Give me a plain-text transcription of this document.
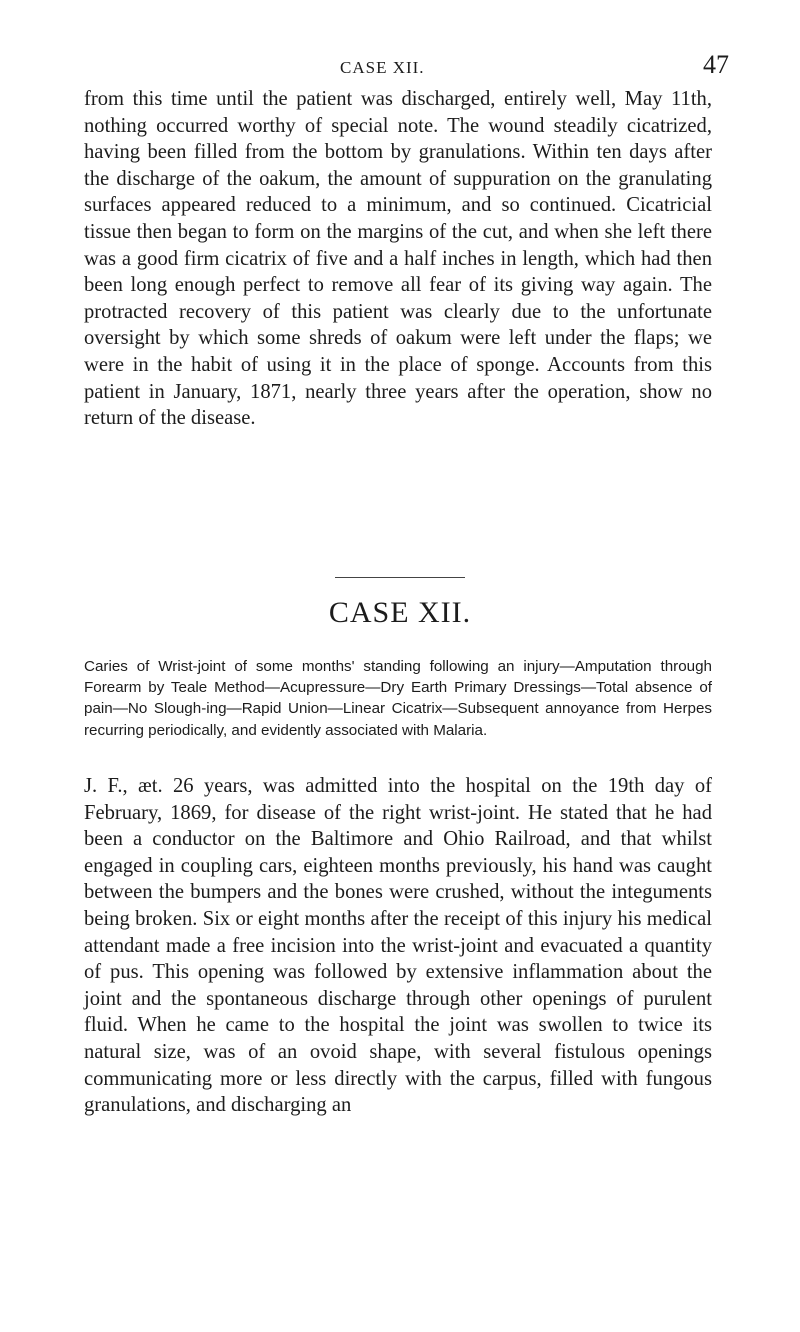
CASE XII.	47

from this time until the patient was discharged, entirely well, May 11th, nothing occurred worthy of special note. The wound steadily cicatrized, having been filled from the bottom by granulations. Within ten days after the discharge of the oakum, the amount of suppuration on the granulating surfaces appeared reduced to a minimum, and so continued. Cicatricial tissue then began to form on the margins of the cut, and when she left there was a good firm cicatrix of five and a half inches in length, which had then been long enough perfect to remove all fear of its giving way again. The protracted recovery of this patient was clearly due to the unfortunate oversight by which some shreds of oakum were left under the flaps; we were in the habit of using it in the place of sponge. Accounts from this patient in January, 1871, nearly three years after the operation, show no return of the disease.

CASE XII.

Caries of Wrist-joint of some months' standing following an injury—Amputation through Forearm by Teale Method—Acupressure—Dry Earth Primary Dressings—Total absence of pain—No Slough-ing—Rapid Union—Linear Cicatrix—Subsequent annoyance from Herpes recurring periodically, and evidently associated with Malaria.

J. F., æt. 26 years, was admitted into the hospital on the 19th day of February, 1869, for disease of the right wrist-joint. He stated that he had been a conductor on the Baltimore and Ohio Railroad, and that whilst engaged in coupling cars, eighteen months previously, his hand was caught between the bumpers and the bones were crushed, without the integuments being broken. Six or eight months after the receipt of this injury his medical attendant made a free incision into the wrist-joint and evacuated a quantity of pus. This opening was followed by extensive inflammation about the joint and the spontaneous discharge through other openings of purulent fluid. When he came to the hospital the joint was swollen to twice its natural size, was of an ovoid shape, with several fistulous openings communicating more or less directly with the carpus, filled with fungous granulations, and discharging an
